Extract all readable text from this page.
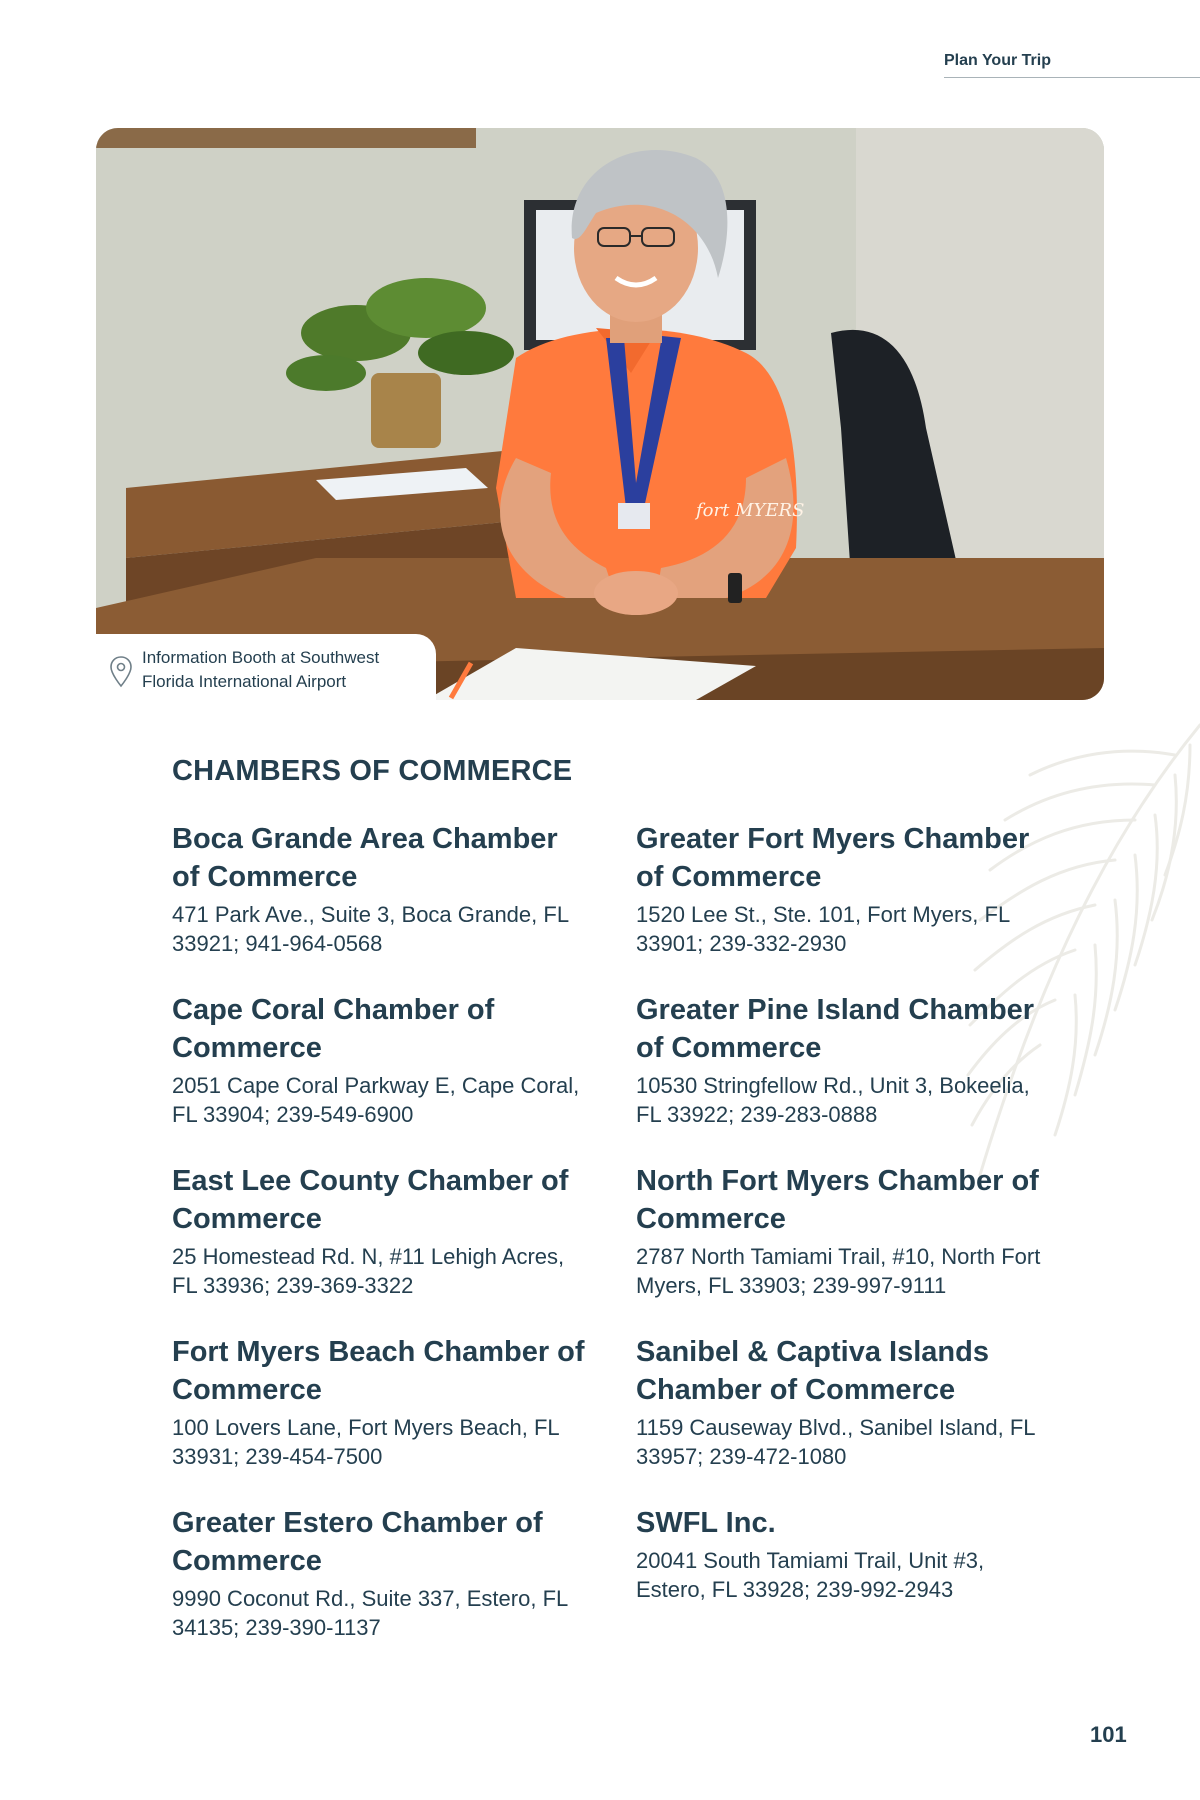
Plan Your Trip
fort MYERS
Information Booth at Southwest Florida International Airport
CHAMBERS OF COMMERCE
Boca Grande Area Chamber of Commerce

471 Park Ave., Suite 3, Boca Grande, FL 33921; 941-964-0568

Cape Coral Chamber of Commerce

2051 Cape Coral Parkway E, Cape Coral, FL 33904; 239-549-6900

East Lee County Chamber of Commerce

25 Homestead Rd. N, #11 Lehigh Acres, FL 33936; 239-369-3322

Fort Myers Beach Chamber of Commerce

100 Lovers Lane, Fort Myers Beach, FL 33931; 239-454-7500

Greater Estero Chamber of Commerce

9990 Coconut Rd., Suite 337, Estero, FL 34135; 239-390-1137

Greater Fort Myers Chamber of Commerce

1520 Lee St., Ste. 101, Fort Myers, FL 33901; 239-332-2930

Greater Pine Island Chamber of Commerce

10530 Stringfellow Rd., Unit 3, Bokeelia, FL 33922; 239-283-0888

North Fort Myers Chamber of Commerce

2787 North Tamiami Trail, #10, North Fort Myers, FL 33903; 239-997-9111

Sanibel & Captiva Islands Chamber of Commerce

1159 Causeway Blvd., Sanibel Island, FL 33957; 239-472-1080

SWFL Inc.

20041 South Tamiami Trail, Unit #3, Estero, FL 33928; 239-992-2943

101
